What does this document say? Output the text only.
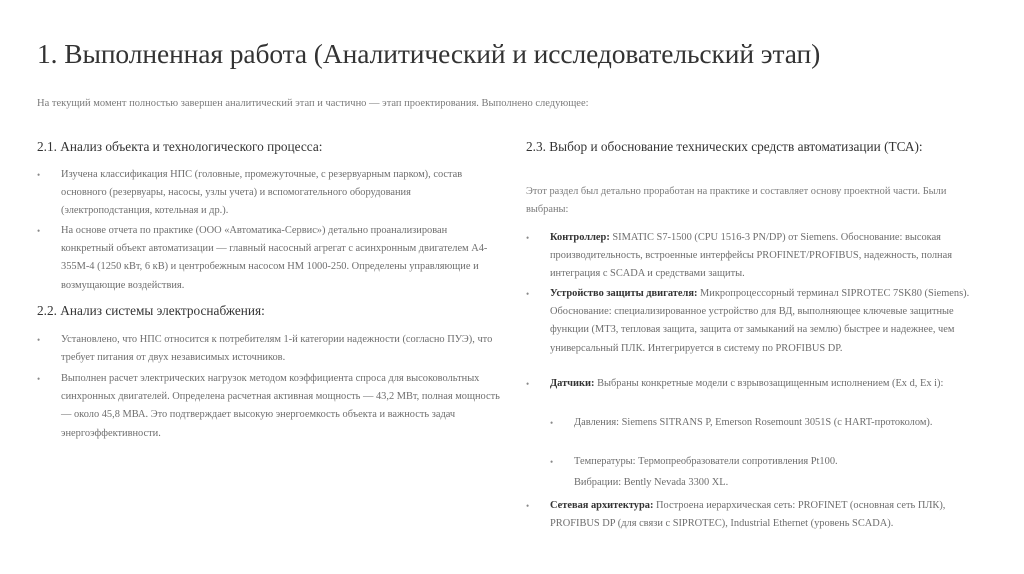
1. Выполненная работа (Аналитический и исследовательский этап)

На текущий момент полностью завершен аналитический этап и частично — этап проектирования. Выполнено следующее:

2.1. Анализ объекта и технологического процесса:
• Изучена классификация НПС (головные, промежуточные, с резервуарным парком), состав основного (резервуары, насосы, узлы учета) и вспомогательного оборудования (электроподстанция, котельная и др.).
• На основе отчета по практике (ООО «Автоматика-Сервис») детально проанализирован конкретный объект автоматизации — главный насосный агрегат с асинхронным двигателем А4-355М-4 (1250 кВт, 6 кВ) и центробежным насосом НМ 1000-250. Определены управляющие и возмущающие воздействия.
2.2. Анализ системы электроснабжения:
• Установлено, что НПС относится к потребителям 1-й категории надежности (согласно ПУЭ), что требует питания от двух независимых источников.
• Выполнен расчет электрических нагрузок методом коэффициента спроса для высоковольтных синхронных двигателей. Определена расчетная активная мощность — 43,2 МВт, полная мощность — около 45,8 МВА. Это подтверждает высокую энергоемкость объекта и важность задач энергоэффективности.
2.3. Выбор и обоснование технических средств автоматизации (ТСА):
Этот раздел был детально проработан на практике и составляет основу проектной части. Были выбраны:
• Контроллер: SIMATIC S7-1500 (CPU 1516-3 PN/DP) от Siemens. Обоснование: высокая производительность, встроенные интерфейсы PROFINET/PROFIBUS, надежность, полная интеграция с SCADA и средствами защиты.
• Устройство защиты двигателя: Микропроцессорный терминал SIPROTEC 7SK80 (Siemens). Обоснование: специализированное устройство для ВД, выполняющее ключевые защитные функции (МТЗ, тепловая защита, защита от замыканий на землю) быстрее и надежнее, чем универсальный ПЛК. Интегрируется в систему по PROFIBUS DP.
• Датчики: Выбраны конкретные модели с взрывозащищенным исполнением (Ex d, Ex i):
• Давления: Siemens SITRANS P, Emerson Rosemount 3051S (с HART-протоколом).
• Температуры: Термопреобразователи сопротивления Pt100.
Вибрации: Bently Nevada 3300 XL.
• Сетевая архитектура: Построена иерархическая сеть: PROFINET (основная сеть ПЛК), PROFIBUS DP (для связи с SIPROTEC), Industrial Ethernet (уровень SCADA).
